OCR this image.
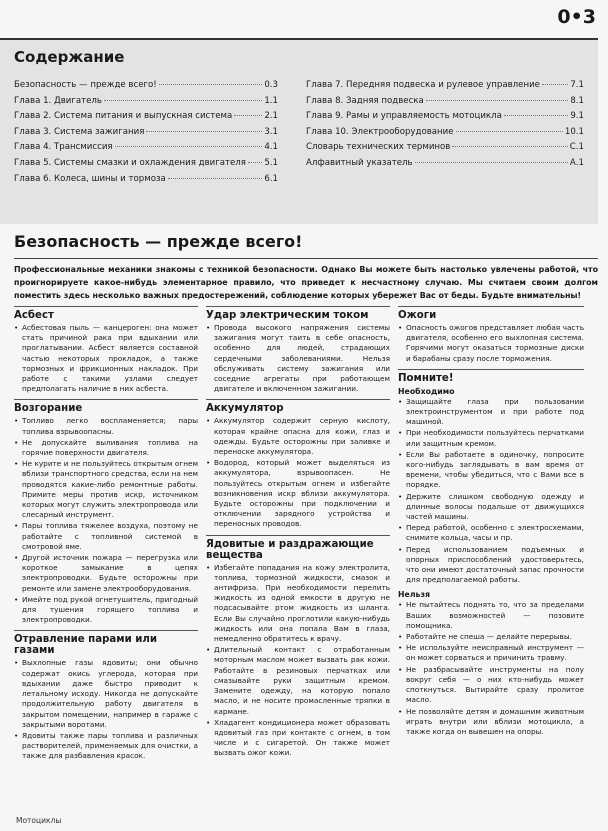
0•3
Содержание
Безопасность — прежде всего!	0.3
Глава 1. Двигатель	1.1
Глава 2. Система питания и выпускная система	2.1
Глава 3. Система зажигания	3.1
Глава 4. Трансмиссия	4.1
Глава 5. Системы смазки и охлаждения двигателя 5.1
Глава 6. Колеса, шины и тормоза	6.1
Глава 7. Передняя подвеска и рулевое управление	7.1
Глава 8. Задняя подвеска	8.1
Глава 9. Рамы и управляемость мотоцикла	9.1
Глава 10. Электрооборудование	10.1
Словарь технических терминов	С.1
Алфавитный указатель	А.1
Безопасность — прежде всего!
Профессиональные механики знакомы с техникой безопасности. Однако Вы можете быть настолько увлечены работой, что проигнорируете какое-нибудь элементарное правило, что приведет к несчастному случаю. Мы считаем своим долгом поместить здесь несколько важных предостережений, соблюдение которых убережет Вас от беды. Будьте внимательны!
Асбест
• Асбестовая пыль — канцероген: она может стать причиной рака при вдыхании или проглатывании. Асбест является составной частью некоторых прокладок, а также тормозных и фрикционных накладок. При работе с такими узлами следует предполагать наличие в них асбеста.
Возгорание
• Топливо легко воспламеняется; пары топлива взрывоопасны.
• Не допускайте выливания топлива на горячие поверхности двигателя.
• Не курите и не пользуйтесь открытым огнем вблизи транспортного средства, если на нем проводятся какие-либо ремонтные работы. Примите меры против искр, источником которых могут служить электропровода или слесарный инструмент.
• Пары топлива тяжелее воздуха, поэтому не работайте с топливной системой в смотровой яме.
• Другой источник пожара — перегрузка или короткое замыкание в цепях электропроводки. Будьте осторожны при ремонте или замене электрооборудования.
• Имейте под рукой огнетушитель, пригодный для тушения горящего топлива и электропроводки.
Отравление парами или газами
• Выхлопные газы ядовиты; они обычно содержат окись углерода, которая при вдыхании даже быстро приводит к летальному исходу. Никогда не допускайте продолжительную работу двигателя в закрытом помещении, например в гараже с закрытыми воротами.
• Ядовиты также пары топлива и различных растворителей, применяемых для очистки, а также для разбавления красок.
Удар электрическим током
• Провода высокого напряжения системы зажигания могут таить в себе опасность, особенно для людей, страдающих сердечными заболеваниями. Нельзя обслуживать систему зажигания или соседние агрегаты при работающем двигателе и включенном зажигании.
Аккумулятор
• Аккумулятор содержит серную кислоту, которая крайне опасна для кожи, глаз и одежды. Будьте осторожны при заливке и переноске аккумулятора.
• Водород, который может выделяться из аккумулятора, взрывоопасен. Не пользуйтесь открытым огнем и избегайте возникновения искр вблизи аккумулятора. Будьте осторожны при подключении и отключении зарядного устройства и переносных проводов.
Ядовитые и раздражающие вещества
• Избегайте попадания на кожу электролита, топлива, тормозной жидкости, смазок и антифриза. При необходимости перелить жидкость из одной емкости в другую не подсасывайте ртом жидкость из шланга. Если Вы случайно проглотили какую-нибудь жидкость или она попала Вам в глаза, немедленно обратитесь к врачу.
• Длительный контакт с отработанным моторным маслом может вызвать рак кожи. Работайте в резиновых перчатках или смазывайте руки защитным кремом. Замените одежду, на которую попало масло, и не носите промасленные тряпки в кармане.
• Хладагент кондиционера может образовать ядовитый газ при контакте с огнем, в том числе и с сигаретой. Он также может вызвать ожог кожи.
Ожоги
• Опасность ожогов представляет любая часть двигателя, особенно его выхлопная система. Горячими могут оказаться тормозные диски и барабаны сразу после торможения.
Помните!
Необходимо
• Защищайте глаза при пользовании электроинструментом и при работе под машиной.
• При необходимости пользуйтесь перчатками или защитным кремом.
• Если Вы работаете в одиночку, попросите кого-нибудь заглядывать в вам время от времени, чтобы убедиться, что с Вами все в порядке.
• Держите слишком свободную одежду и длинные волосы подальше от движущихся частей машины.
• Перед работой, особенно с электросхемами, снимите кольца, часы и пр.
• Перед использованием подъемных и опорных приспособлений удостоверьтесь, что они имеют достаточный запас прочности для предполагаемой работы.
Нельзя
• Не пытайтесь поднять то, что за пределами Ваших возможностей — позовите помощника.
• Работайте не спеша — делайте перерывы.
• Не используйте неисправный инструмент — он может сорваться и причинить травму.
• Не разбрасывайте инструменты на полу вокруг себя — о них кто-нибудь может споткнуться. Вытирайте сразу пролитое масло.
• Не позволяйте детям и домашним животным играть внутри или вблизи мотоцикла, а также когда он вывешен на опоры.
Мотоциклы
